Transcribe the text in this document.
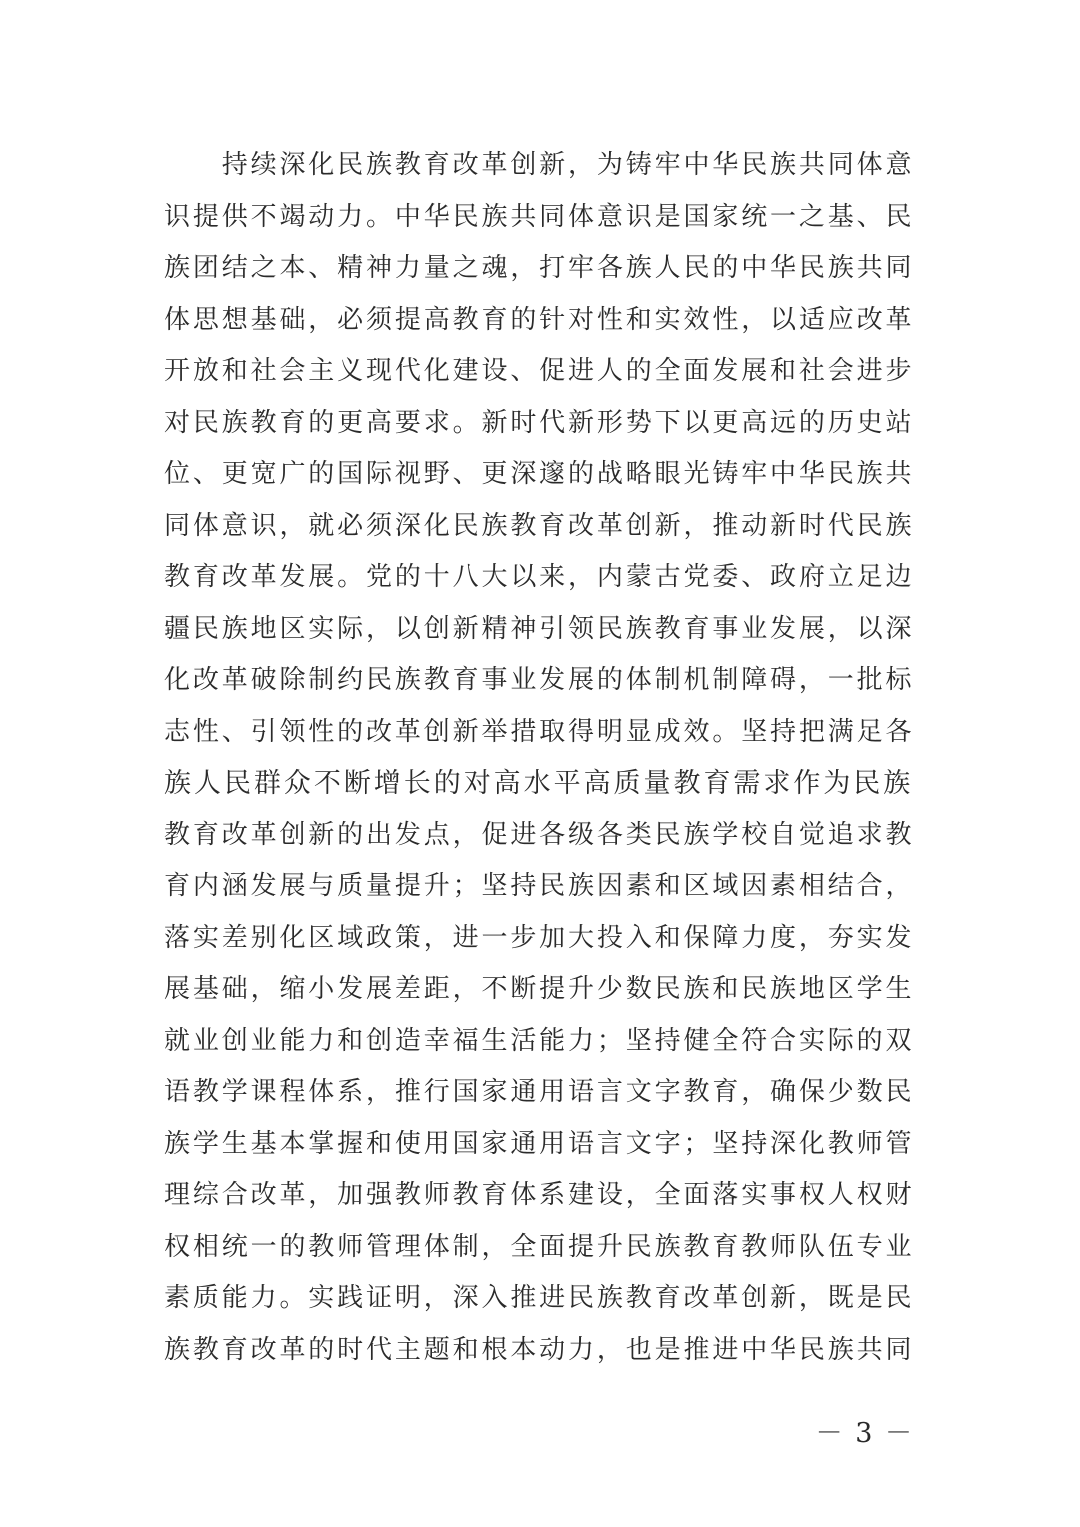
　　持续深化民族教育改革创新，为铸牢中华民族共同体意
识提供不竭动力。中华民族共同体意识是国家统一之基、民
族团结之本、精神力量之魂，打牢各族人民的中华民族共同
体思想基础，必须提高教育的针对性和实效性，以适应改革
开放和社会主义现代化建设、促进人的全面发展和社会进步
对民族教育的更高要求。新时代新形势下以更高远的历史站
位、更宽广的国际视野、更深邃的战略眼光铸牢中华民族共
同体意识，就必须深化民族教育改革创新，推动新时代民族
教育改革发展。党的十八大以来，内蒙古党委、政府立足边
疆民族地区实际，以创新精神引领民族教育事业发展，以深
化改革破除制约民族教育事业发展的体制机制障碍，一批标
志性、引领性的改革创新举措取得明显成效。坚持把满足各
族人民群众不断增长的对高水平高质量教育需求作为民族
教育改革创新的出发点，促进各级各类民族学校自觉追求教
育内涵发展与质量提升；坚持民族因素和区域因素相结合，
落实差别化区域政策，进一步加大投入和保障力度，夯实发
展基础，缩小发展差距，不断提升少数民族和民族地区学生
就业创业能力和创造幸福生活能力；坚持健全符合实际的双
语教学课程体系，推行国家通用语言文字教育，确保少数民
族学生基本掌握和使用国家通用语言文字；坚持深化教师管
理综合改革，加强教师教育体系建设，全面落实事权人权财
权相统一的教师管理体制，全面提升民族教育教师队伍专业
素质能力。实践证明，深入推进民族教育改革创新，既是民
族教育改革的时代主题和根本动力，也是推进中华民族共同
－ 3 －
